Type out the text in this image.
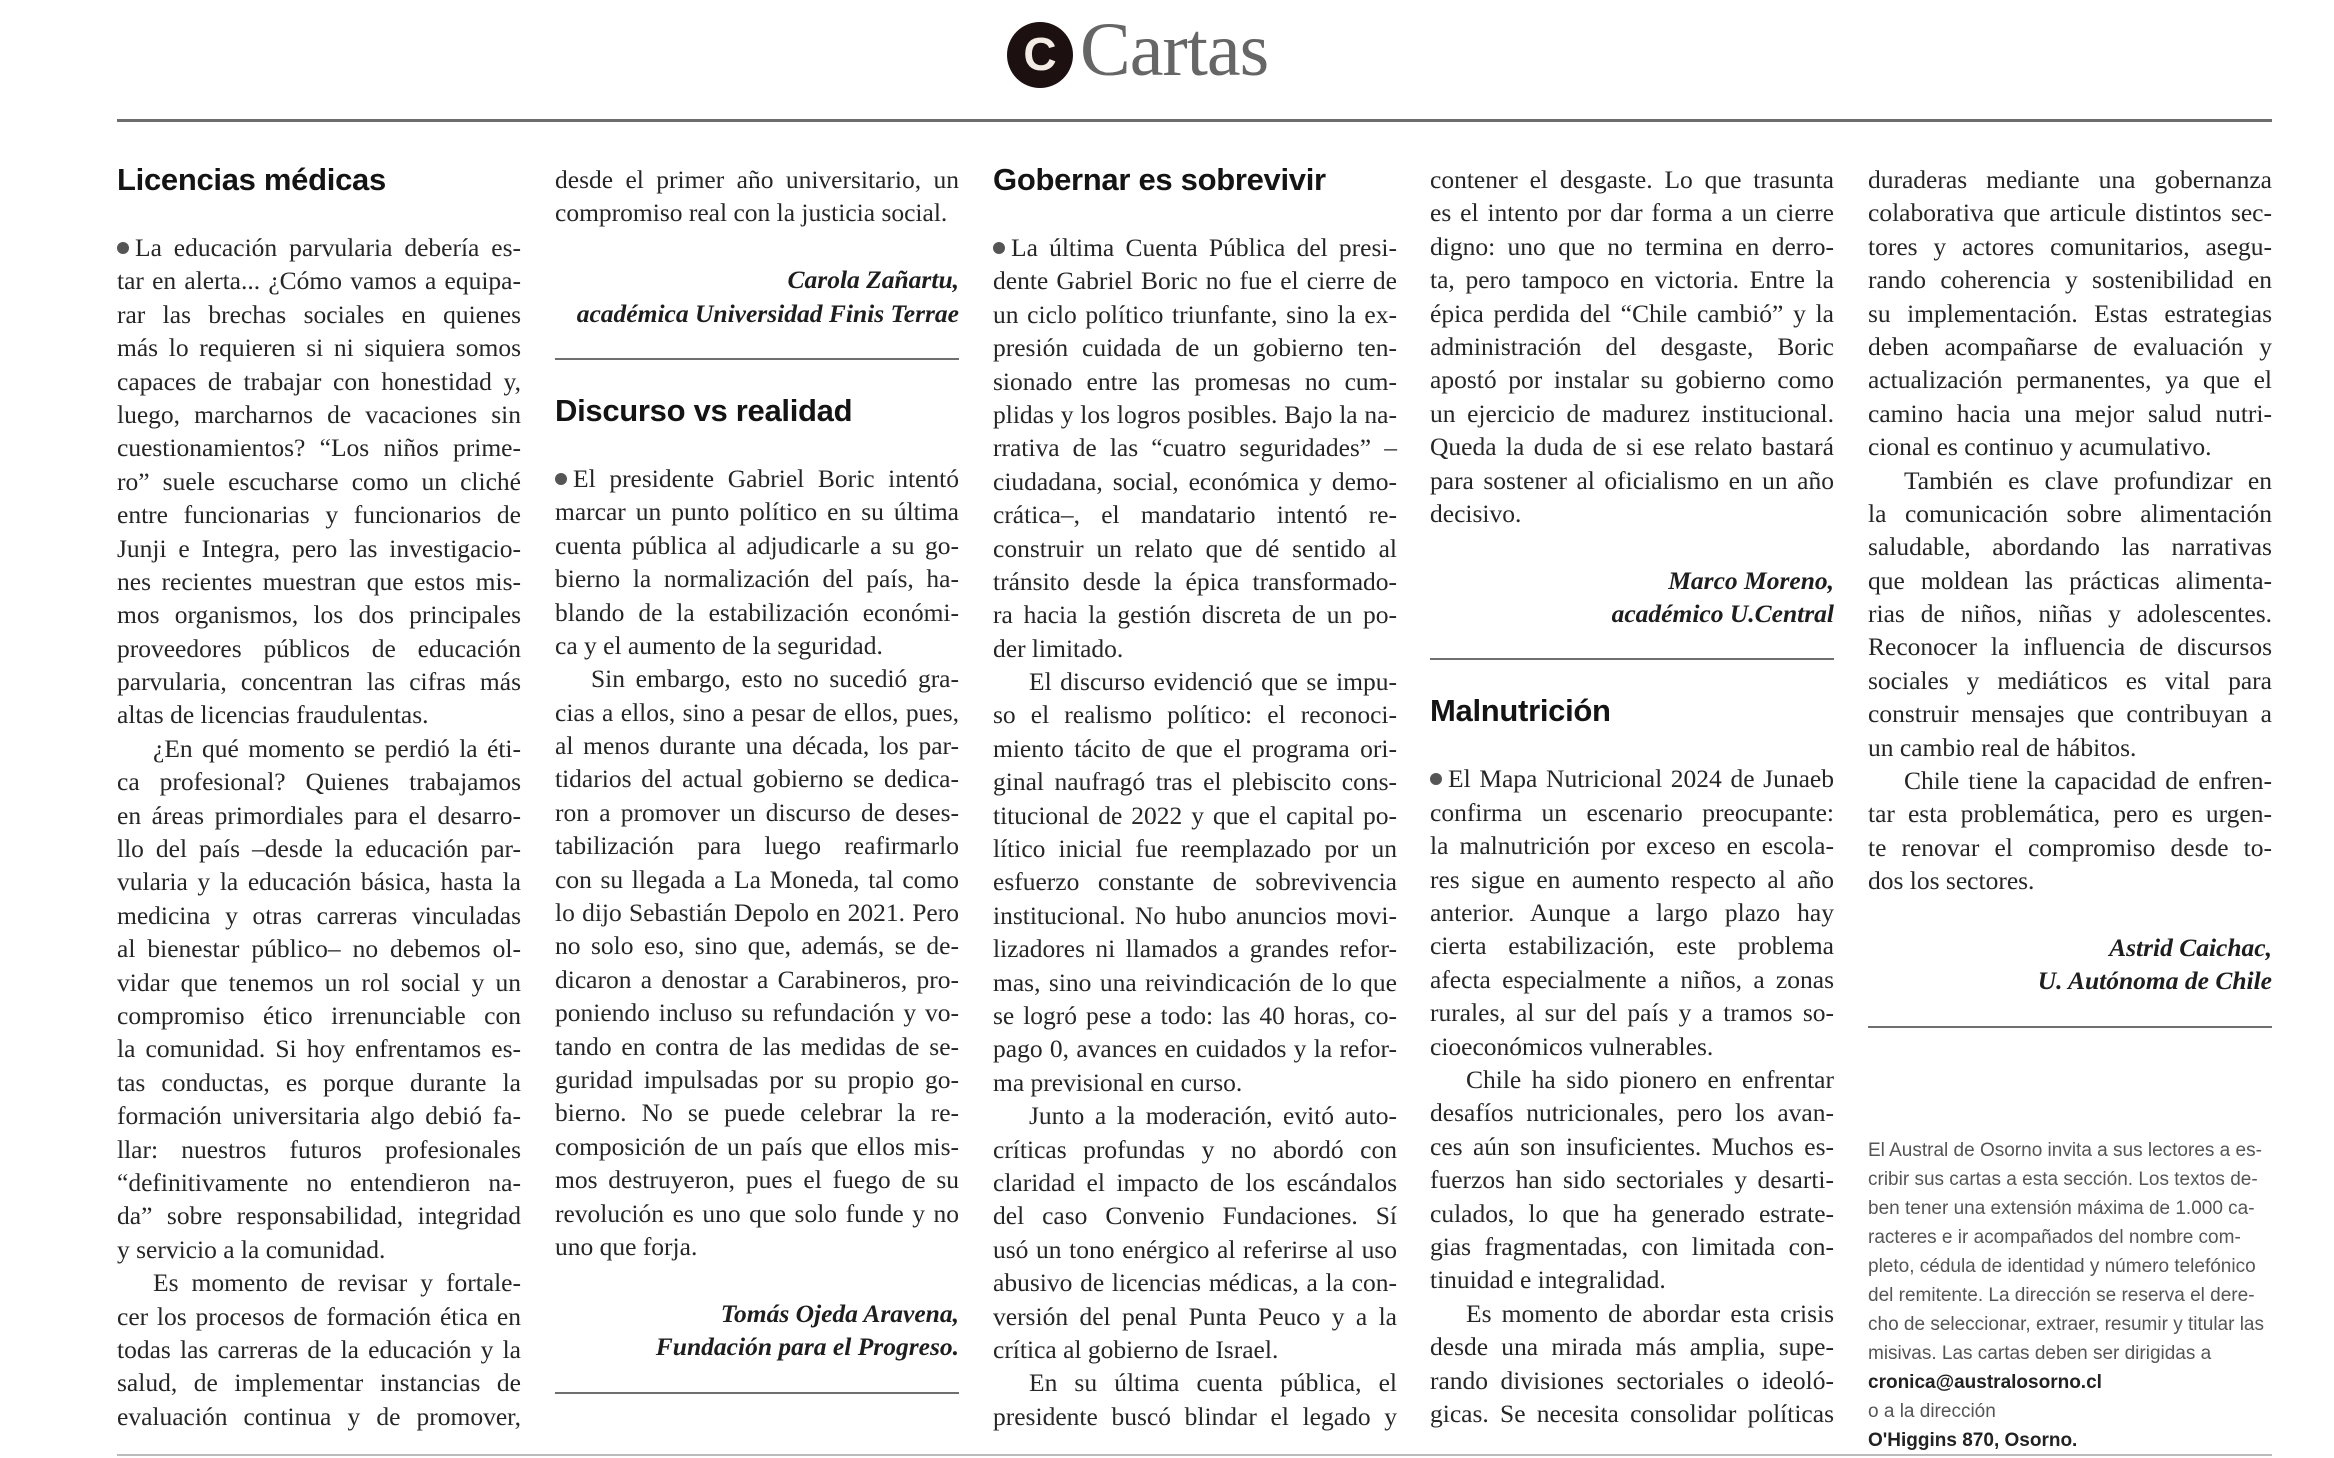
C Cartas
Licencias médicas
La educación parvularia debería es-
tar en alerta... ¿Cómo vamos a equipa-
rar las brechas sociales en quienes
más lo requieren si ni siquiera somos
capaces de trabajar con honestidad y,
luego, marcharnos de vacaciones sin
cuestionamientos? “Los niños prime-
ro” suele escucharse como un cliché
entre funcionarias y funcionarios de
Junji e Integra, pero las investigacio-
nes recientes muestran que estos mis-
mos organismos, los dos principales
proveedores públicos de educación
parvularia, concentran las cifras más
altas de licencias fraudulentas.
¿En qué momento se perdió la éti-
ca profesional? Quienes trabajamos
en áreas primordiales para el desarro-
llo del país –desde la educación par-
vularia y la educación básica, hasta la
medicina y otras carreras vinculadas
al bienestar público– no debemos ol-
vidar que tenemos un rol social y un
compromiso ético irrenunciable con
la comunidad. Si hoy enfrentamos es-
tas conductas, es porque durante la
formación universitaria algo debió fa-
llar: nuestros futuros profesionales
“definitivamente no entendieron na-
da” sobre responsabilidad, integridad
y servicio a la comunidad.
Es momento de revisar y fortale-
cer los procesos de formación ética en
todas las carreras de la educación y la
salud, de implementar instancias de
evaluación continua y de promover,
desde el primer año universitario, un
compromiso real con la justicia social.
Carola Zañartu,
académica Universidad Finis Terrae
Discurso vs realidad
El presidente Gabriel Boric intentó
marcar un punto político en su última
cuenta pública al adjudicarle a su go-
bierno la normalización del país, ha-
blando de la estabilización económi-
ca y el aumento de la seguridad.
Sin embargo, esto no sucedió gra-
cias a ellos, sino a pesar de ellos, pues,
al menos durante una década, los par-
tidarios del actual gobierno se dedica-
ron a promover un discurso de deses-
tabilización para luego reafirmarlo
con su llegada a La Moneda, tal como
lo dijo Sebastián Depolo en 2021. Pero
no solo eso, sino que, además, se de-
dicaron a denostar a Carabineros, pro-
poniendo incluso su refundación y vo-
tando en contra de las medidas de se-
guridad impulsadas por su propio go-
bierno. No se puede celebrar la re-
composición de un país que ellos mis-
mos destruyeron, pues el fuego de su
revolución es uno que solo funde y no
uno que forja.
Tomás Ojeda Aravena,
Fundación para el Progreso.
Gobernar es sobrevivir
La última Cuenta Pública del presi-
dente Gabriel Boric no fue el cierre de
un ciclo político triunfante, sino la ex-
presión cuidada de un gobierno ten-
sionado entre las promesas no cum-
plidas y los logros posibles. Bajo la na-
rrativa de las “cuatro seguridades” –
ciudadana, social, económica y demo-
crática–, el mandatario intentó re-
construir un relato que dé sentido al
tránsito desde la épica transformado-
ra hacia la gestión discreta de un po-
der limitado.
El discurso evidenció que se impu-
so el realismo político: el reconoci-
miento tácito de que el programa ori-
ginal naufragó tras el plebiscito cons-
titucional de 2022 y que el capital po-
lítico inicial fue reemplazado por un
esfuerzo constante de sobrevivencia
institucional. No hubo anuncios movi-
lizadores ni llamados a grandes refor-
mas, sino una reivindicación de lo que
se logró pese a todo: las 40 horas, co-
pago 0, avances en cuidados y la refor-
ma previsional en curso.
Junto a la moderación, evitó auto-
críticas profundas y no abordó con
claridad el impacto de los escándalos
del caso Convenio Fundaciones. Sí
usó un tono enérgico al referirse al uso
abusivo de licencias médicas, a la con-
versión del penal Punta Peuco y a la
crítica al gobierno de Israel.
En su última cuenta pública, el
presidente buscó blindar el legado y
contener el desgaste. Lo que trasunta
es el intento por dar forma a un cierre
digno: uno que no termina en derro-
ta, pero tampoco en victoria. Entre la
épica perdida del “Chile cambió” y la
administración del desgaste, Boric
apostó por instalar su gobierno como
un ejercicio de madurez institucional.
Queda la duda de si ese relato bastará
para sostener al oficialismo en un año
decisivo.
Marco Moreno,
académico U.Central
Malnutrición
El Mapa Nutricional 2024 de Junaeb
confirma un escenario preocupante:
la malnutrición por exceso en escola-
res sigue en aumento respecto al año
anterior. Aunque a largo plazo hay
cierta estabilización, este problema
afecta especialmente a niños, a zonas
rurales, al sur del país y a tramos so-
cioeconómicos vulnerables.
Chile ha sido pionero en enfrentar
desafíos nutricionales, pero los avan-
ces aún son insuficientes. Muchos es-
fuerzos han sido sectoriales y desarti-
culados, lo que ha generado estrate-
gias fragmentadas, con limitada con-
tinuidad e integralidad.
Es momento de abordar esta crisis
desde una mirada más amplia, supe-
rando divisiones sectoriales o ideoló-
gicas. Se necesita consolidar políticas
duraderas mediante una gobernanza
colaborativa que articule distintos sec-
tores y actores comunitarios, asegu-
rando coherencia y sostenibilidad en
su implementación. Estas estrategias
deben acompañarse de evaluación y
actualización permanentes, ya que el
camino hacia una mejor salud nutri-
cional es continuo y acumulativo.
También es clave profundizar en
la comunicación sobre alimentación
saludable, abordando las narrativas
que moldean las prácticas alimenta-
rias de niños, niñas y adolescentes.
Reconocer la influencia de discursos
sociales y mediáticos es vital para
construir mensajes que contribuyan a
un cambio real de hábitos.
Chile tiene la capacidad de enfren-
tar esta problemática, pero es urgen-
te renovar el compromiso desde to-
dos los sectores.
Astrid Caichac,
U. Autónoma de Chile
El Austral de Osorno invita a sus lectores a es-
cribir sus cartas a esta sección. Los textos de-
ben tener una extensión máxima de 1.000 ca-
racteres e ir acompañados del nombre com-
pleto, cédula de identidad y número telefónico
del remitente. La dirección se reserva el dere-
cho de seleccionar, extraer, resumir y titular las
misivas. Las cartas deben ser dirigidas a
cronica@australosorno.cl
o a la dirección
O'Higgins 870, Osorno.
